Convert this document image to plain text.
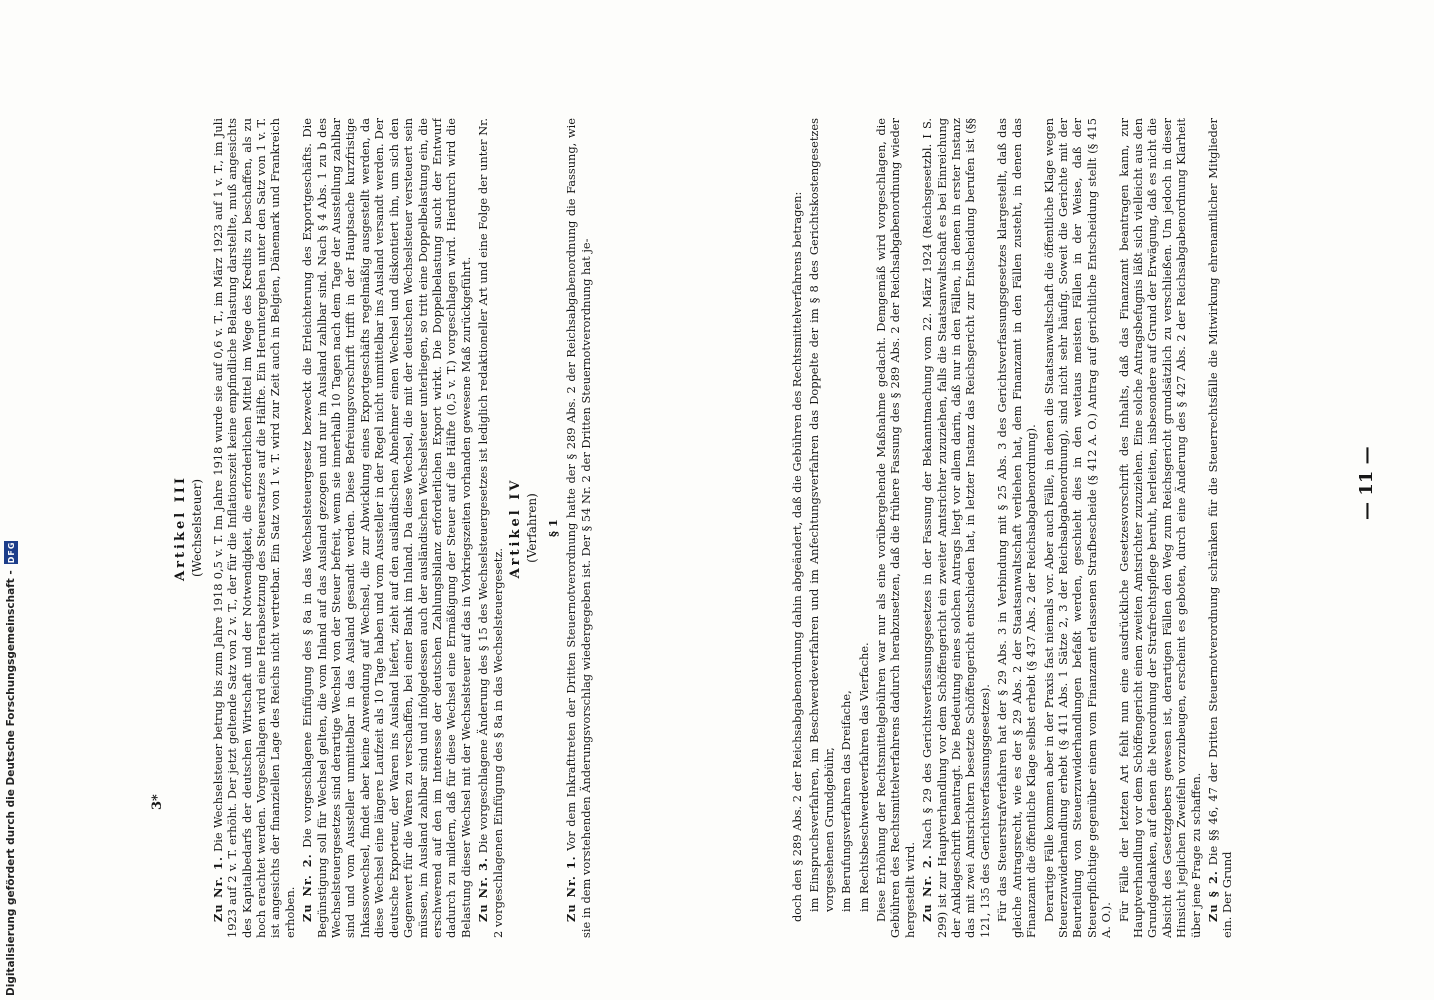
Artikel III (Wechselsteuer)

Zu Nr. 1. Die Wechselsteuer betrug bis zum Jahre 1918 0,5 v. T. Im Jahre 1918 wurde sie auf 0,6 v. T., im März 1923 auf 1 v. T., im Juli 1923 auf 2 v. T. erhöht. Der jetzt geltende Satz von 2 v. T., der für die Inflationszeit keine empfindliche Belastung darstellte, muß angesichts des Kapitalbedarfs der deutschen Wirtschaft und der Notwendigkeit, die erforderlichen Mittel im Wege des Kredits zu beschaffen, als zu hoch erachtet werden. Vorgeschlagen wird eine Herabsetzung des Steuersatzes auf die Hälfte. Ein Heruntergehen unter den Satz von 1 v. T. ist angesichts der finanziellen Lage des Reichs nicht vertretbar. Ein Satz von 1 v. T. wird zur Zeit auch in Belgien, Dänemark und Frankreich erhoben. Zu Nr. 2. Die vorgeschlagene Einfügung des § 8a in das Wechselsteuergesetz bezweckt die Erleichterung des Exportgeschäfts. Die Begünstigung soll für Wechsel gelten, die vom Inland auf das Ausland gezogen und nur im Ausland zahlbar sind. Nach § 4 Abs. 1 zu b des Wechselsteuergesetzes sind derartige Wechsel von der Steuer befreit, wenn sie innerhalb 10 Tagen nach dem Tage der Ausstellung zahlbar sind und vom Aussteller unmittelbar in das Ausland gesandt werden. Diese Befreiungsvorschrift trifft in der Hauptsache kurzfristige Inkassowechsel, findet aber keine Anwendung auf Wechsel, die zur Abwicklung eines Exportgeschäfts regelmäßig ausgestellt werden, da diese Wechsel eine längere Laufzeit als 10 Tage haben und vom Aussteller in der Regel nicht unmittelbar ins Ausland versandt werden. Der deutsche Exporteur, der Waren ins Ausland liefert, zieht auf den ausländischen Abnehmer einen Wechsel und diskontiert ihn, um sich den Gegenwert für die Waren zu verschaffen, bei einer Bank im Inland. Da diese Wechsel, die mit der deutschen Wechselsteuer versteuert sein müssen, im Ausland zahlbar sind und infolgedessen auch der ausländischen Wechselsteuer unterliegen, so tritt eine Doppelbelastung ein, die erschwerend auf den im Interesse der deutschen Zahlungsbilanz erforderlichen Export wirkt. Die Doppelbelastung sucht der Entwurf dadurch zu mildern, daß für diese Wechsel eine Ermäßigung der Steuer auf die Hälfte (0,5 v. T.) vorgeschlagen wird. Hierdurch wird die Belastung dieser Wechsel mit der Wechselsteuer auf das in Vorkriegszeiten vorhanden gewesene Maß zurückgeführt. Zu Nr. 3. Die vorgeschlagene Änderung des § 15 des Wechselsteuergesetzes ist lediglich redaktioneller Art und eine Folge der unter Nr. 2 vorgeschlagenen Einfügung des § 8a in das Wechselsteuergesetz.

Artikel IV (Verfahren) § 1

Zu Nr. 1. Vor dem Inkrafttreten der Dritten Steuernotverordnung hatte der § 289 Abs. 2 der Reichsabgabenordnung die Fassung, wie sie in dem vorstehenden Änderungsvorschlag wiedergegeben ist. Der § 54 Nr. 2 der Dritten Steuernotverordnung hat je-	doch den § 289 Abs. 2 der Reichsabgabenordnung dahin abgeändert, daß die Gebühren des Rechtsmittelverfahrens betragen: im Einspruchsverfahren, im Beschwerdeverfahren und im Anfechtungsverfahren das Doppelte der im § 8 des Gerichtskostengesetzes vorgesehenen Grundgebühr, im Berufungsverfahren das Dreifache, im Rechtsbeschwerdeverfahren das Vierfache. Diese Erhöhung der Rechtsmittelgebühren war nur als eine vorübergehende Maßnahme gedacht. Demgemäß wird vorgeschlagen, die Gebühren des Rechtsmittelverfahrens dadurch herabzusetzen, daß die frühere Fassung des § 289 Abs. 2 der Reichsabgabenordnung wieder hergestellt wird. Zu Nr. 2. Nach § 29 des Gerichtsverfassungsgesetzes in der Fassung der Bekanntmachung vom 22. März 1924 (Reichsgesetzbl. I S. 299) ist zur Hauptverhandlung vor dem Schöffengericht ein zweiter Amtsrichter zuzuziehen, falls die Staatsanwaltschaft es bei Einreichung der Anklageschrift beantragt. Die Bedeutung eines solchen Antrags liegt vor allem darin, daß nur in den Fällen, in denen in erster Instanz das mit zwei Amtsrichtern besetzte Schöffengericht entschieden hat, in letzter Instanz das Reichsgericht zur Entscheidung berufen ist (§§ 121, 135 des Gerichtsverfassungsgesetzes). Für das Steuerstrafverfahren hat der § 29 Abs. 3 in Verbindung mit § 25 Abs. 3 des Gerichtsverfassungsgesetzes klargestellt, daß das gleiche Antragsrecht, wie es der § 29 Abs. 2 der Staatsanwaltschaft verliehen hat, dem Finanzamt in den Fällen zusteht, in denen das Finanzamt die öffentliche Klage selbst erhebt (§ 437 Abs. 2 der Reichsabgabenordnung). Derartige Fälle kommen aber in der Praxis fast niemals vor. Aber auch Fälle, in denen die Staatsanwaltschaft die öffentliche Klage wegen Steuerzuwiderhandlung erhebt (§ 411 Abs. 1 Sätze 2, 3 der Reichsabgabenordnung), sind nicht sehr häufig. Soweit die Gerichte mit der Beurteilung von Steuerzuwiderhandlungen befaßt werden, geschieht dies in den weitaus meisten Fällen in der Weise, daß der Steuerpflichtige gegenüber einem vom Finanzamt erlassenen Strafbescheide (§ 412 A. O.) Antrag auf gerichtliche Entscheidung stellt (§ 415 A. O.). Für Fälle der letzten Art fehlt nun eine ausdrückliche Gesetzesvorschrift des Inhalts, daß das Finanzamt beantragen kann, zur Hauptverhandlung vor dem Schöffengericht einen zweiten Amtsrichter zuzuziehen. Eine solche Antragsbefugnis läßt sich vielleicht aus den Grundgedanken, auf denen die Neuordnung der Strafrechtspflege beruht, herleiten, insbesondere auf Grund der Erwägung, daß es nicht die Absicht des Gesetzgebers gewesen ist, derartigen Fällen den Weg zum Reichsgericht grundsätzlich zu verschließen. Um jedoch in dieser Hinsicht jeglichen Zweifeln vorzubeugen, erscheint es geboten, durch eine Änderung des § 427 Abs. 2 der Reichsabgabenordnung Klarheit über jene Frage zu schaffen. Zu § 2. Die §§ 46, 47 der Dritten Steuernotverordnung schränken für die Steuerrechtsfälle die Mitwirkung ehrenamtlicher Mitglieder ein. Der Grund

— 11 —
3*
Digitalisierung gefördert durch die Deutsche Forschungsgemeinschaft -
DFG
